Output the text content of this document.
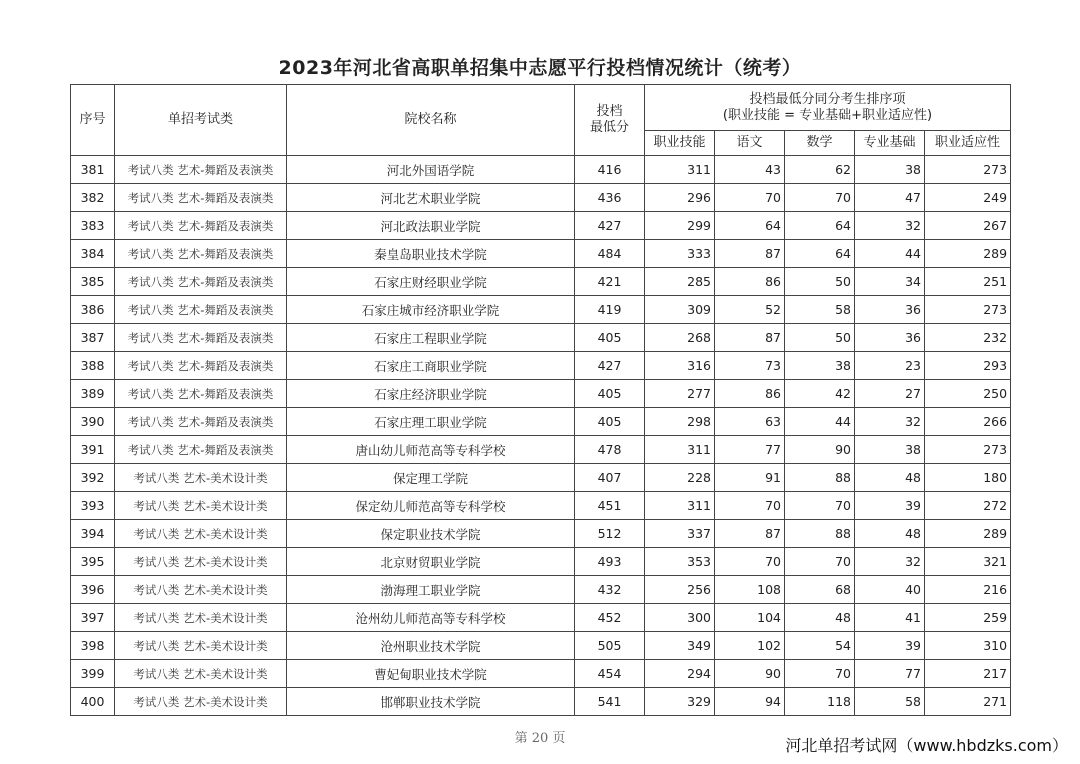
2023年河北省高职单招集中志愿平行投档情况统计（统考）
序号	单招考试类	院校名称	投档
最低分	投档最低分同分考生排序项
(职业技能 = 专业基础+职业适应性)				
				职业技能	语文	数学	专业基础	职业适应性
381	考试八类 艺术-舞蹈及表演类	河北外国语学院	416	311	43	62	38	273
382	考试八类 艺术-舞蹈及表演类	河北艺术职业学院	436	296	70	70	47	249
383	考试八类 艺术-舞蹈及表演类	河北政法职业学院	427	299	64	64	32	267
384	考试八类 艺术-舞蹈及表演类	秦皇岛职业技术学院	484	333	87	64	44	289
385	考试八类 艺术-舞蹈及表演类	石家庄财经职业学院	421	285	86	50	34	251
386	考试八类 艺术-舞蹈及表演类	石家庄城市经济职业学院	419	309	52	58	36	273
387	考试八类 艺术-舞蹈及表演类	石家庄工程职业学院	405	268	87	50	36	232
388	考试八类 艺术-舞蹈及表演类	石家庄工商职业学院	427	316	73	38	23	293
389	考试八类 艺术-舞蹈及表演类	石家庄经济职业学院	405	277	86	42	27	250
390	考试八类 艺术-舞蹈及表演类	石家庄理工职业学院	405	298	63	44	32	266
391	考试八类 艺术-舞蹈及表演类	唐山幼儿师范高等专科学校	478	311	77	90	38	273
392	考试八类 艺术-美术设计类	保定理工学院	407	228	91	88	48	180
393	考试八类 艺术-美术设计类	保定幼儿师范高等专科学校	451	311	70	70	39	272
394	考试八类 艺术-美术设计类	保定职业技术学院	512	337	87	88	48	289
395	考试八类 艺术-美术设计类	北京财贸职业学院	493	353	70	70	32	321
396	考试八类 艺术-美术设计类	渤海理工职业学院	432	256	108	68	40	216
397	考试八类 艺术-美术设计类	沧州幼儿师范高等专科学校	452	300	104	48	41	259
398	考试八类 艺术-美术设计类	沧州职业技术学院	505	349	102	54	39	310
399	考试八类 艺术-美术设计类	曹妃甸职业技术学院	454	294	90	70	77	217
400	考试八类 艺术-美术设计类	邯郸职业技术学院	541	329	94	118	58	271
第 20 页	河北单招考试网（www.hbdzks.com）
